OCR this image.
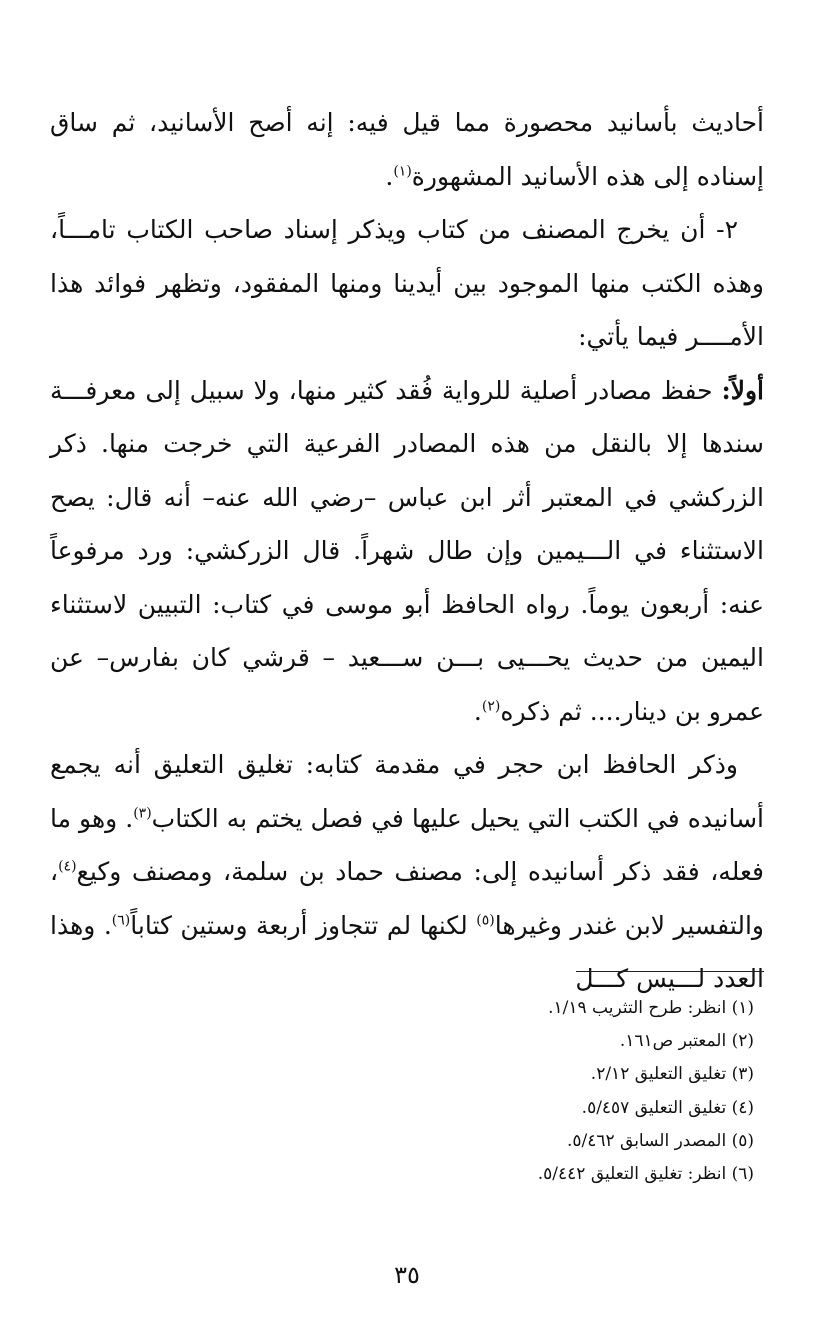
أحاديث بأسانيد محصورة مما قيل فيه: إنه أصح الأسانيد، ثم ساق إسناده إلى هذه الأسانيد المشهورة$^{(١)}$.

٢- أن يخرج المصنف من كتاب ويذكر إسناد صاحب الكتاب تامـــاً، وهذه الكتب منها الموجود بين أيدينا ومنها المفقود، وتظهر فوائد هذا الأمــــر فيما يأتي:

أولاً: حفظ مصادر أصلية للرواية فُقد كثير منها، ولا سبيل إلى معرفـــة سندها إلا بالنقل من هذه المصادر الفرعية التي خرجت منها. ذكر الزركشي في المعتبر أثر ابن عباس –رضي الله عنه– أنه قال: يصح الاستثناء في الـــيمين وإن طال شهراً. قال الزركشي: ورد مرفوعاً عنه: أربعون يوماً. رواه الحافظ أبو موسى في كتاب: التبيين لاستثناء اليمين من حديث يحـــيى بـــن ســـعيد – قرشي كان بفارس– عن عمرو بن دينار.... ثم ذكره$^{(٢)}$.

وذكر الحافظ ابن حجر في مقدمة كتابه: تغليق التعليق أنه يجمع أسانيده في الكتب التي يحيل عليها في فصل يختم به الكتاب$^{(٣)}$. وهو ما فعله، فقد ذكر أسانيده إلى: مصنف حماد بن سلمة، ومصنف وكيع$^{(٤)}$، والتفسير لابن غندر وغيرها$^{(٥)}$ لكنها لم تتجاوز أربعة وستين كتاباً$^{(٦)}$. وهذا العدد لـــيس كـــل

(١) انظر: طرح التثريب ١/١٩.

(٢) المعتبر ص١٦١.

(٣) تغليق التعليق ٢/١٢.

(٤) تغليق التعليق ٥/٤٥٧.

(٥) المصدر السابق ٥/٤٦٢.

(٦) انظر: تغليق التعليق ٥/٤٤٢.

٣٥
